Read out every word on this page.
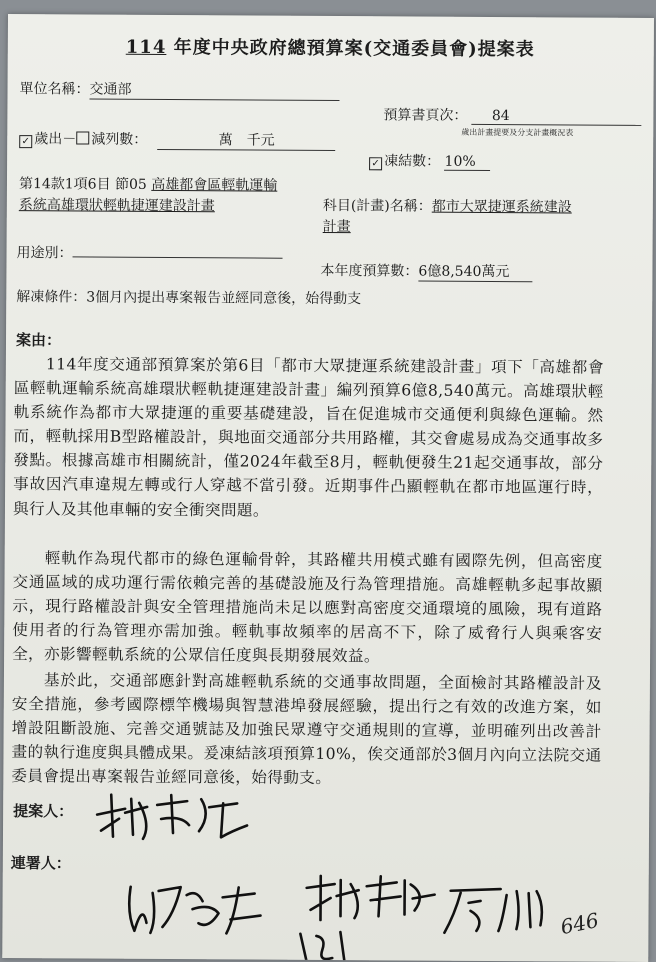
114 年度中央政府總預算案(交通委員會)提案表
單位名稱：交通部
預算書頁次： 84
歲出計畫提要及分支計畫概況表
✓ 歲出－ 減列數：	萬　千元
✓ 凍結數： 10%
第14款1項6目 節05 高雄都會區輕軌運輸系統高雄環狀輕軌捷運建設計畫	科目(計畫)名稱：都市大眾捷運系統建設計畫
用途別：
本年度預算數：6億8,540萬元
解凍條件：3個月內提出專案報告並經同意後，始得動支
案由：
114年度交通部預算案於第6目「都市大眾捷運系統建設計畫」項下「高雄都會區輕軌運輸系統高雄環狀輕軌捷運建設計畫」編列預算6億8,540萬元。高雄環狀輕軌系統作為都市大眾捷運的重要基礎建設，旨在促進城市交通便利與綠色運輸。然而，輕軌採用B型路權設計，與地面交通部分共用路權，其交會處易成為交通事故多發點。根據高雄市相關統計，僅2024年截至8月，輕軌便發生21起交通事故，部分事故因汽車違規左轉或行人穿越不當引發。近期事件凸顯輕軌在都市地區運行時，與行人及其他車輛的安全衝突問題。
輕軌作為現代都市的綠色運輸骨幹，其路權共用模式雖有國際先例，但高密度交通區域的成功運行需依賴完善的基礎設施及行為管理措施。高雄輕軌多起事故顯示，現行路權設計與安全管理措施尚未足以應對高密度交通環境的風險，現有道路使用者的行為管理亦需加強。輕軌事故頻率的居高不下，除了威脅行人與乘客安全，亦影響輕軌系統的公眾信任度與長期發展效益。
基於此，交通部應針對高雄輕軌系統的交通事故問題，全面檢討其路權設計及安全措施，參考國際標竿機場與智慧港埠發展經驗，提出行之有效的改進方案，如增設阻斷設施、完善交通號誌及加強民眾遵守交通規則的宣導，並明確列出改善計畫的執行進度與具體成果。爰凍結該項預算10%，俟交通部於3個月內向立法院交通委員會提出專案報告並經同意後，始得動支。
提案人：
連署人：
646
